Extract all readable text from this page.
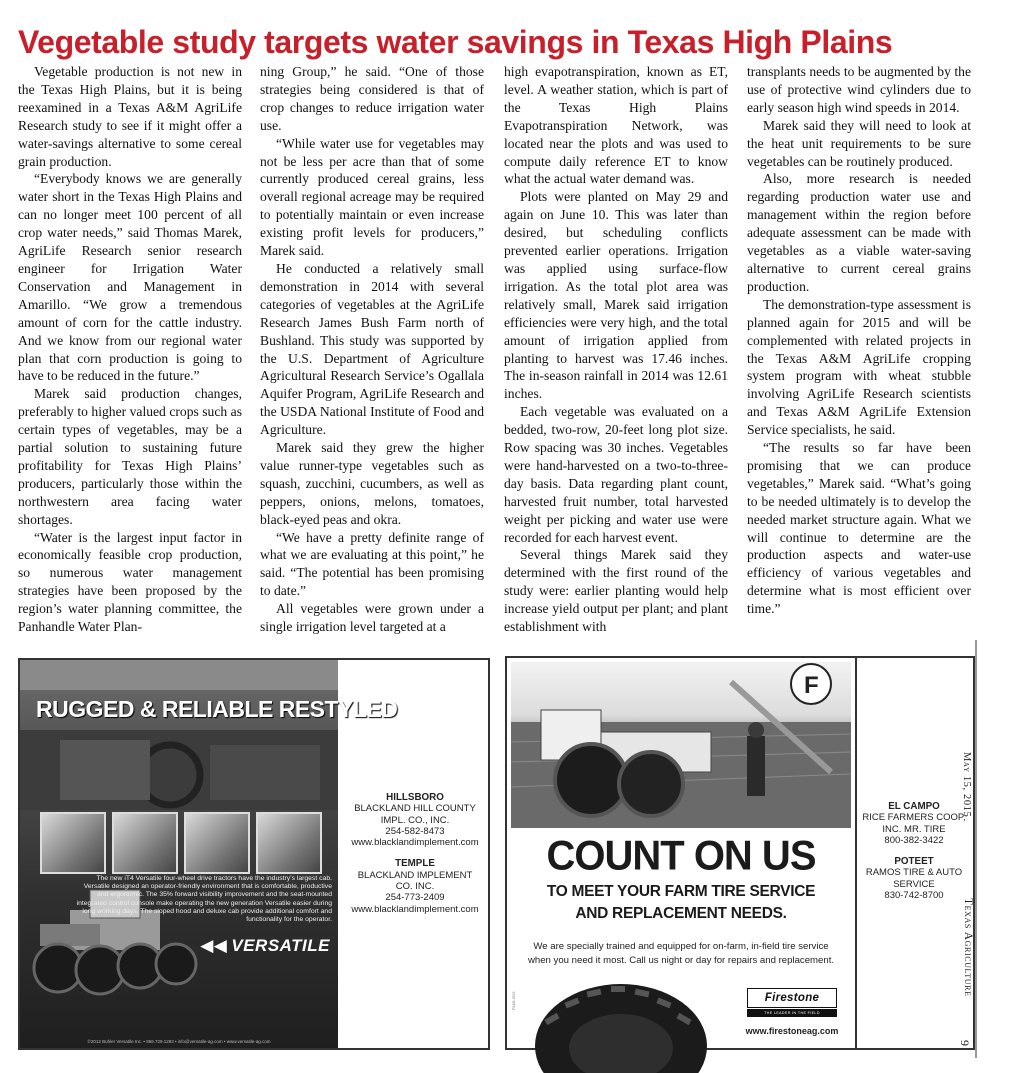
Vegetable study targets water savings in Texas High Plains

Vegetable production is not new in the Texas High Plains, but it is being reexamined in a Texas A&M AgriLife Research study to see if it might offer a water-savings alternative to some cereal grain production.

“Everybody knows we are generally water short in the Texas High Plains and can no longer meet 100 percent of all crop water needs,” said Thomas Marek, AgriLife Research senior research engineer for Irrigation Water Conservation and Management in Amarillo. “We grow a tremendous amount of corn for the cattle industry. And we know from our regional water plan that corn production is going to have to be reduced in the future.”

Marek said production changes, preferably to higher valued crops such as certain types of vegetables, may be a partial solution to sustaining future profitability for Texas High Plains’ producers, particularly those within the northwestern area facing water shortages.

“Water is the largest input factor in economically feasible crop production, so numerous water management strategies have been proposed by the region’s water planning committee, the Panhandle Water Plan-

ning Group,” he said. “One of those strategies being considered is that of crop changes to reduce irrigation water use.

“While water use for vegetables may not be less per acre than that of some currently produced cereal grains, less overall regional acreage may be required to potentially maintain or even increase existing profit levels for producers,” Marek said.

He conducted a relatively small demonstration in 2014 with several categories of vegetables at the AgriLife Research James Bush Farm north of Bushland. This study was supported by the U.S. Department of Agriculture Agricultural Research Service’s Ogallala Aquifer Program, AgriLife Research and the USDA National Institute of Food and Agriculture.

Marek said they grew the higher value runner-type vegetables such as squash, zucchini, cucumbers, as well as peppers, onions, melons, tomatoes, black-eyed peas and okra.

“We have a pretty definite range of what we are evaluating at this point,” he said. “The potential has been promising to date.”

All vegetables were grown under a single irrigation level targeted at a

high evapotranspiration, known as ET, level. A weather station, which is part of the Texas High Plains Evapotranspiration Network, was located near the plots and was used to compute daily reference ET to know what the actual water demand was.

Plots were planted on May 29 and again on June 10. This was later than desired, but scheduling conflicts prevented earlier operations. Irrigation was applied using surface-flow irrigation. As the total plot area was relatively small, Marek said irrigation efficiencies were very high, and the total amount of irrigation applied from planting to harvest was 17.46 inches. The in-season rainfall in 2014 was 12.61 inches.

Each vegetable was evaluated on a bedded, two-row, 20-feet long plot size. Row spacing was 30 inches. Vegetables were hand-harvested on a two-to-three-day basis. Data regarding plant count, harvested fruit number, total harvested weight per picking and water use were recorded for each harvest event.

Several things Marek said they determined with the first round of the study were: earlier planting would help increase yield output per plant; and plant establishment with

transplants needs to be augmented by the use of protective wind cylinders due to early season high wind speeds in 2014.

Marek said they will need to look at the heat unit requirements to be sure vegetables can be routinely produced.

Also, more research is needed regarding production water use and management within the region before adequate assessment can be made with vegetables as a viable water-saving alternative to current cereal grains production.

The demonstration-type assessment is planned again for 2015 and will be complemented with related projects in the Texas A&M AgriLife cropping system program with wheat stubble involving AgriLife Research scientists and Texas A&M AgriLife Extension Service specialists, he said.

“The results so far have been promising that we can produce vegetables,” Marek said. “What’s going to be needed ultimately is to develop the needed market structure again. What we will continue to determine are the production aspects and water-use efficiency of various vegetables and determine what is most efficient over time.”

RUGGED & RELIABLE RESTYLED
The new iT4 Versatile four-wheel drive tractors have the industry’s largest cab. Versatile designed an operator-friendly environment that is comfortable, productive and ergonomic. The 35% forward visibility improvement and the seat-mounted integrated control console make operating the new generation Versatile easier during long working days. The sloped hood and deluxe cab provide additional comfort and functionality for the operator.
◀◀ VERSATILE
©2012 Buhler Versatile Inc. • 866.729.1283 • info@versatile-ag.com • www.versatile-ag.com
HILLSBORO
BLACKLAND HILL COUNTY
IMPL. CO., INC.
254-582-8473
www.blacklandimplement.com
TEMPLE
BLACKLAND IMPLEMENT
CO. INC.
254-773-2409
www.blacklandimplement.com
F
COUNT ON US
TO MEET YOUR FARM TIRE SERVICE
AND REPLACEMENT NEEDS.
We are specially trained and equipped for on-farm, in-field tire service
when you need it most. Call us night or day for repairs and replacement.
Firestone
THE LEADER IN THE FIELD
www.firestoneag.com
FSAG-0515
EL CAMPO
RICE FARMERS COOP,
INC. MR. TIRE
800-382-3422
POTEET
RAMOS TIRE & AUTO
SERVICE
830-742-8700
May 15, 2015
Texas Agriculture
9
